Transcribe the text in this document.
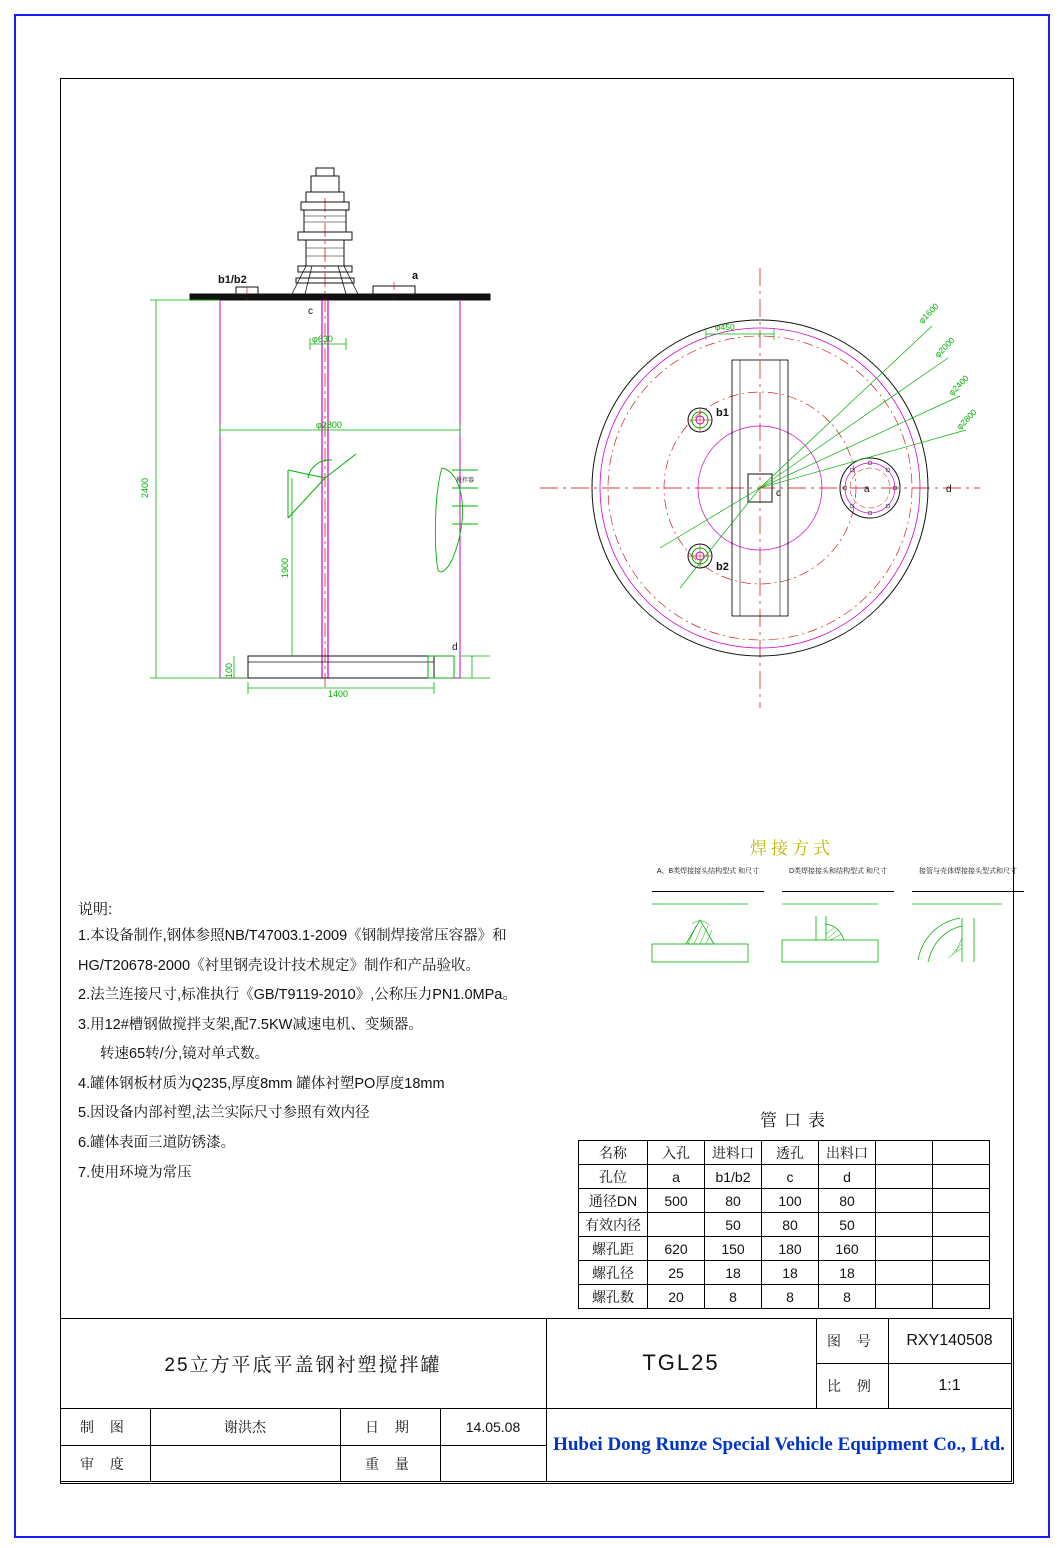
2400
φ630
φ2800
1900
1400
100
b1/b2	a
c
d
搅拌器
φ450
φ1600
φ2000
φ2400
φ2800
b1
b2
c	a	d
说明:

1.本设备制作,钢体参照NB/T47003.1-2009《钢制焊接常压容器》和

HG/T20678-2000《衬里钢壳设计技术规定》制作和产品验收。

2.法兰连接尺寸,标准执行《GB/T9119-2010》,公称压力PN1.0MPa。

3.用12#槽钢做搅拌支架,配7.5KW减速电机、变频器。

转速65转/分,镜对单式数。

4.罐体钢板材质为Q235,厚度8mm 罐体衬塑PO厚度18mm

5.因设备内部衬塑,法兰实际尺寸参照有效内径

6.罐体表面三道防锈漆。

7.使用环境为常压

焊接方式
A、B类焊接接头结构型式 和尺寸	D类焊接接头和结构型式 和尺寸	接管与壳体焊接接头型式和尺寸
管口表
名称	入孔	进料口	透孔	出料口		
孔位	a	b1/b2	c	d		
通径DN	500	80	100	80		
有效内径		50	80	50		
螺孔距	620	150	180	160		
螺孔径	25	18	18	18		
螺孔数	20	8	8	8		
25立方平底平盖钢衬塑搅拌罐	TGL25
图 号	RXY140508
比 例	1:1
制 图	谢洪杰	日 期	14.05.08
审 度	重 量
Hubei Dong Runze Special Vehicle Equipment Co., Ltd.
